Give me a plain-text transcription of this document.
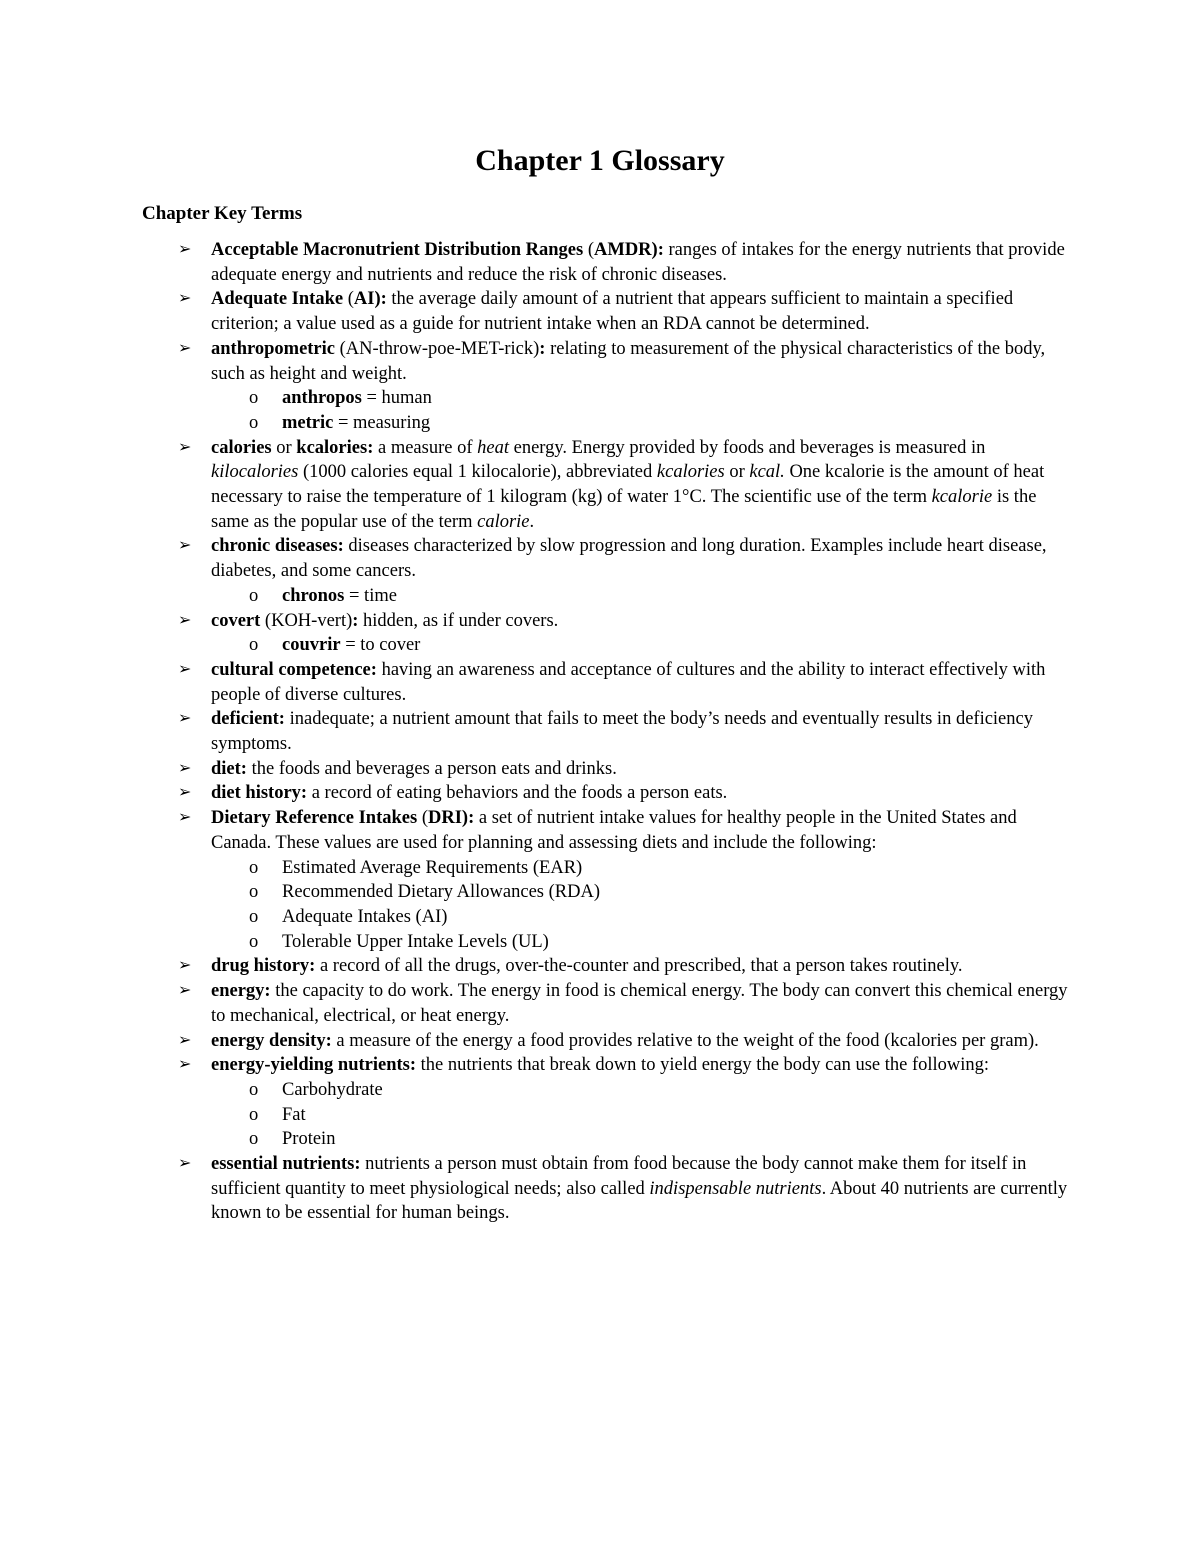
Chapter 1 Glossary
Chapter Key Terms
➢ Acceptable Macronutrient Distribution Ranges (AMDR): ranges of intakes for the energy nutrients that provide adequate energy and nutrients and reduce the risk of chronic diseases.
➢ Adequate Intake (AI): the average daily amount of a nutrient that appears sufficient to maintain a specified criterion; a value used as a guide for nutrient intake when an RDA cannot be determined.
➢ anthropometric (AN-throw-poe-MET-rick): relating to measurement of the physical characteristics of the body, such as height and weight.
o anthropos = human
o metric = measuring
➢ calories or kcalories: a measure of heat energy. Energy provided by foods and beverages is measured in kilocalories (1000 calories equal 1 kilocalorie), abbreviated kcalories or kcal. One kcalorie is the amount of heat necessary to raise the temperature of 1 kilogram (kg) of water 1°C. The scientific use of the term kcalorie is the same as the popular use of the term calorie.
➢ chronic diseases: diseases characterized by slow progression and long duration. Examples include heart disease, diabetes, and some cancers.
o chronos = time
➢ covert (KOH-vert): hidden, as if under covers.
o couvrir = to cover
➢ cultural competence: having an awareness and acceptance of cultures and the ability to interact effectively with people of diverse cultures.
➢ deficient: inadequate; a nutrient amount that fails to meet the body’s needs and eventually results in deficiency symptoms.
➢ diet: the foods and beverages a person eats and drinks.
➢ diet history: a record of eating behaviors and the foods a person eats.
➢ Dietary Reference Intakes (DRI): a set of nutrient intake values for healthy people in the United States and Canada. These values are used for planning and assessing diets and include the following:
o Estimated Average Requirements (EAR)
o Recommended Dietary Allowances (RDA)
o Adequate Intakes (AI)
o Tolerable Upper Intake Levels (UL)
➢ drug history: a record of all the drugs, over-the-counter and prescribed, that a person takes routinely.
➢ energy: the capacity to do work. The energy in food is chemical energy. The body can convert this chemical energy to mechanical, electrical, or heat energy.
➢ energy density: a measure of the energy a food provides relative to the weight of the food (kcalories per gram).
➢ energy-yielding nutrients: the nutrients that break down to yield energy the body can use the following:
o Carbohydrate
o Fat
o Protein
➢ essential nutrients: nutrients a person must obtain from food because the body cannot make them for itself in sufficient quantity to meet physiological needs; also called indispensable nutrients. About 40 nutrients are currently known to be essential for human beings.
